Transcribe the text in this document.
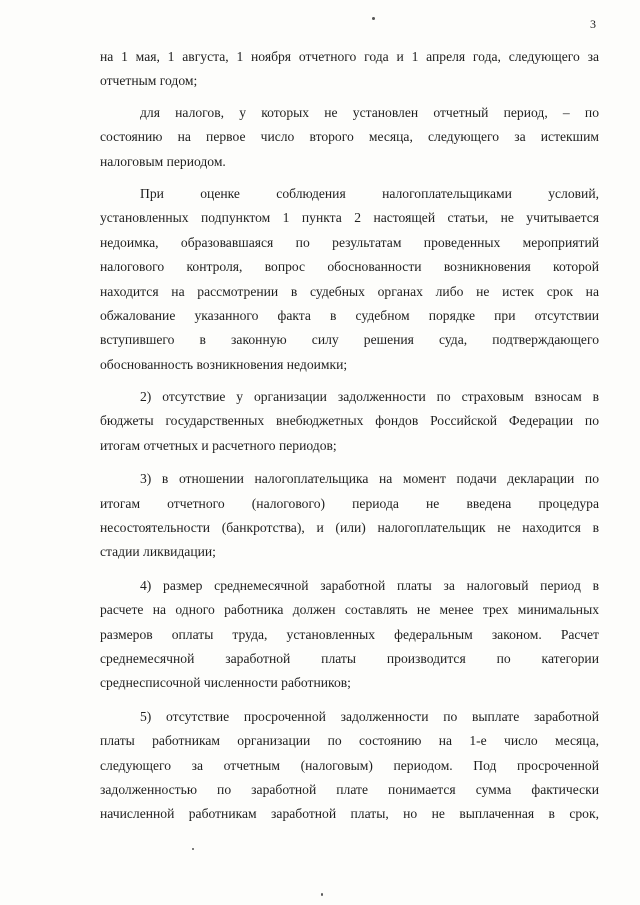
3
на 1 мая, 1 августа, 1 ноября отчетного года и 1 апреля года, следующего за
отчетным годом;
для налогов, у которых не установлен отчетный период, – по
состоянию на первое число второго месяца, следующего за истекшим
налоговым периодом.
При оценке соблюдения налогоплательщиками условий,
установленных подпунктом 1 пункта 2 настоящей статьи, не учитывается
недоимка, образовавшаяся по результатам проведенных мероприятий
налогового контроля, вопрос обоснованности возникновения которой
находится на рассмотрении в судебных органах либо не истек срок на
обжалование указанного факта в судебном порядке при отсутствии
вступившего в законную силу решения суда, подтверждающего
обоснованность возникновения недоимки;
2) отсутствие у организации задолженности по страховым взносам в
бюджеты государственных внебюджетных фондов Российской Федерации по
итогам отчетных и расчетного периодов;
3) в отношении налогоплательщика на момент подачи декларации по
итогам отчетного (налогового) периода не введена процедура
несостоятельности (банкротства), и (или) налогоплательщик не находится в
стадии ликвидации;
4) размер среднемесячной заработной платы за налоговый период в
расчете на одного работника должен составлять не менее трех минимальных
размеров оплаты труда, установленных федеральным законом. Расчет
среднемесячной заработной платы производится по категории
среднесписочной численности работников;
5) отсутствие просроченной задолженности по выплате заработной
платы работникам организации по состоянию на 1-е число месяца,
следующего за отчетным (налоговым) периодом. Под просроченной
задолженностью по заработной плате понимается сумма фактически
начисленной работникам заработной платы, но не выплаченная в срок,
